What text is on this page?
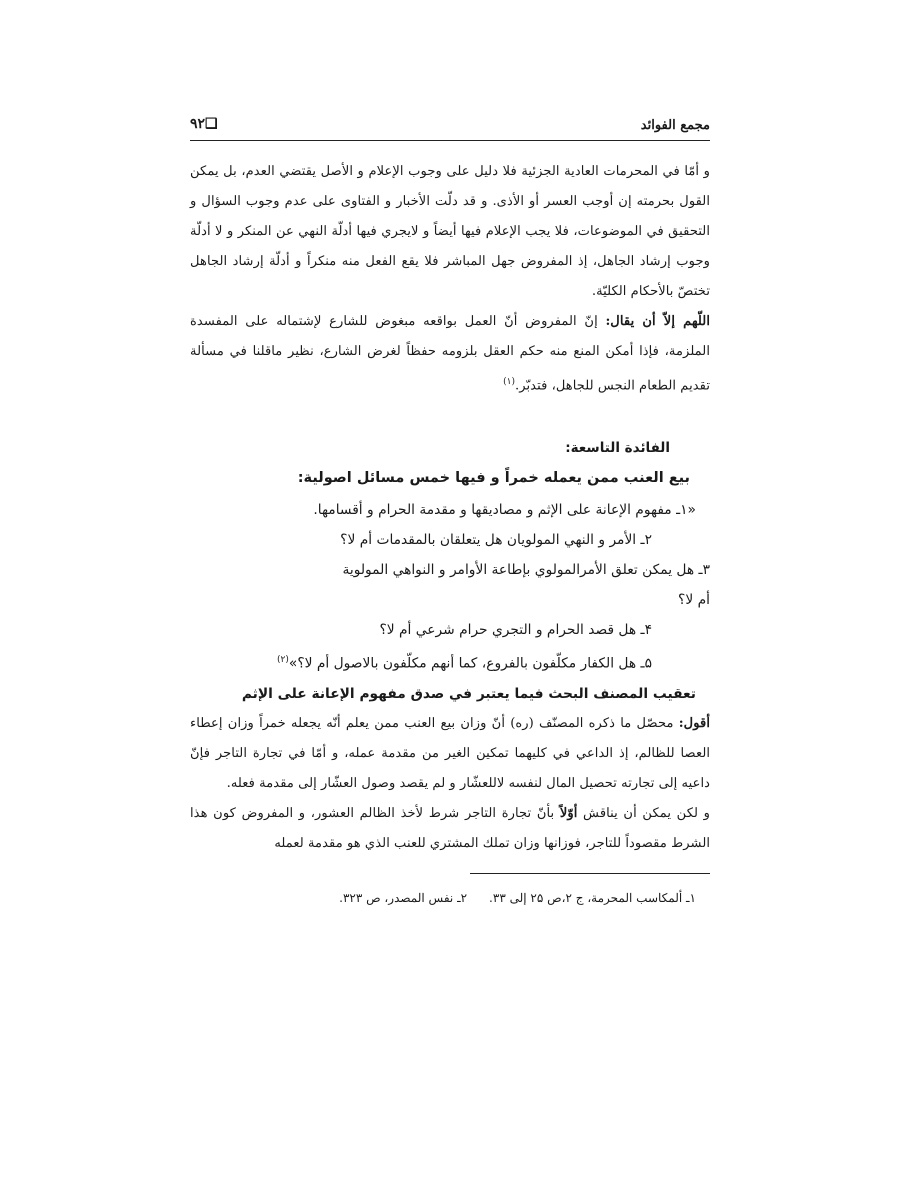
مجمع الفوائد
❑۹۲

و أمّا في المحرمات العادية الجزئية فلا دليل على وجوب الإعلام و الأصل يقتضي العدم، بل يمكن القول بحرمته إن أوجب العسر أو الأذى. و قد دلّت الأخبار و الفتاوى على عدم وجوب السؤال و التحقيق في الموضوعات، فلا يجب الإعلام فيها أيضاً و لايجري فيها أدلّة النهي عن المنكر و لا أدلّة وجوب إرشاد الجاهل، إذ المفروض جهل المباشر فلا يقع الفعل منه منكراً و أدلّة إرشاد الجاهل تختصّ بالأحكام الكليّة.

اللّهم إلاّ أن يقال: إنّ المفروض أنّ العمل بواقعه مبغوض للشارع لإشتماله على المفسدة الملزمة، فإذا أمكن المنع منه حكم العقل بلزومه حفظاً لغرض الشارع، نظير ماقلنا في مسألة تقديم الطعام النجس للجاهل، فتدبّر.$^{(۱)}$

الفائدة التاسعة:
بيع العنب ممن يعمله خمراً و فيها خمس مسائل اصولية:

«۱ـ مفهوم الإعانة على الإثم و مصاديقها و مقدمة الحرام و أقسامها.

۲ـ الأمر و النهي المولويان هل يتعلقان بالمقدمات أم لا؟

۳ـ هل يمكن تعلق الأمرالمولوي بإطاعة الأوامر و النواهي المولوية

أم لا؟

۴ـ هل قصد الحرام و التجري حرام شرعي أم لا؟

۵ـ هل الكفار مكلّفون بالفروع، كما أنهم مكلّفون بالاصول أم لا؟»$^{(۲)}$

تعقيب المصنف البحث فيما يعتبر في صدق مفهوم الإعانة على الإثم

أقول: محصّل ما ذكره المصنّف (ره) أنّ وزان بيع العنب ممن يعلم أنّه يجعله خمراً وزان إعطاء العصا للظالم، إذ الداعي في كليهما تمكين الغير من مقدمة عمله، و أمّا في تجارة التاجر فإنّ داعيه إلى تجارته تحصيل المال لنفسه لاللعشّار و لم يقصد وصول العشّار إلى مقدمة فعله.

و لكن يمكن أن يناقش أوّلاً بأنّ تجارة التاجر شرط لأخذ الظالم العشور، و المفروض كون هذا الشرط مقصوداً للتاجر، فوزانها وزان تملك المشتري للعنب الذي هو مقدمة لعمله

۱ـ ألمكاسب المحرمة، ج ۲،ص ۲۵ إلى ۳۳.۲ـ نفس المصدر، ص ۳۲۳.
